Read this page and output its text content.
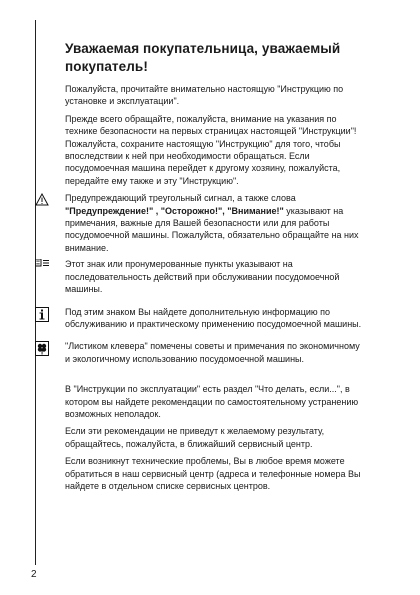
Уважаемая покупательница, уважаемый покупатель!

Пожалуйста, прочитайте внимательно настоящую "Инструкцию по установке и эксплуатации".

Прежде всего обращайте, пожалуйста, внимание на указания по технике безопасности на первых страницах настоящей "Инструкции"! Пожалуйста, сохраните настоящую "Инструкцию" для того, чтобы впоследствии к ней при необходимости обращаться. Если посудомоечная машина перейдет к другому хозяину, пожалуйста, передайте ему также и эту "Инструкцию".

Предупреждающий треугольный сигнал, а также слова "Предупреждение!" , "Осторожно!", "Внимание!" указывают на примечания, важные для Вашей безопасности или для работы посудомоечной машины. Пожалуйста, обязательно обращайте на них внимание.

Этот знак или пронумерованные пункты указывают на последовательность действий при обслуживании посудомоечной машины.

Под этим знаком Вы найдете дополнительную информацию по обслуживанию и практическому применению посудомоечной машины.

"Листиком клевера" помечены советы и примечания по экономичному и экологичному использованию посудомоечной машины.

В "Инструкции по эксплуатации" есть раздел "Что делать, если...", в котором вы найдете рекомендации по самостоятельному устранению возможных неполадок.

Если эти рекомендации не приведут к желаемому результату, обращайтесь, пожалуйста, в ближайший сервисный центр.

Если возникнут технические проблемы, Вы в любое время можете обратиться в наш сервисный центр (адреса и телефонные номера Вы найдете в отдельном списке сервисных центров.

2
